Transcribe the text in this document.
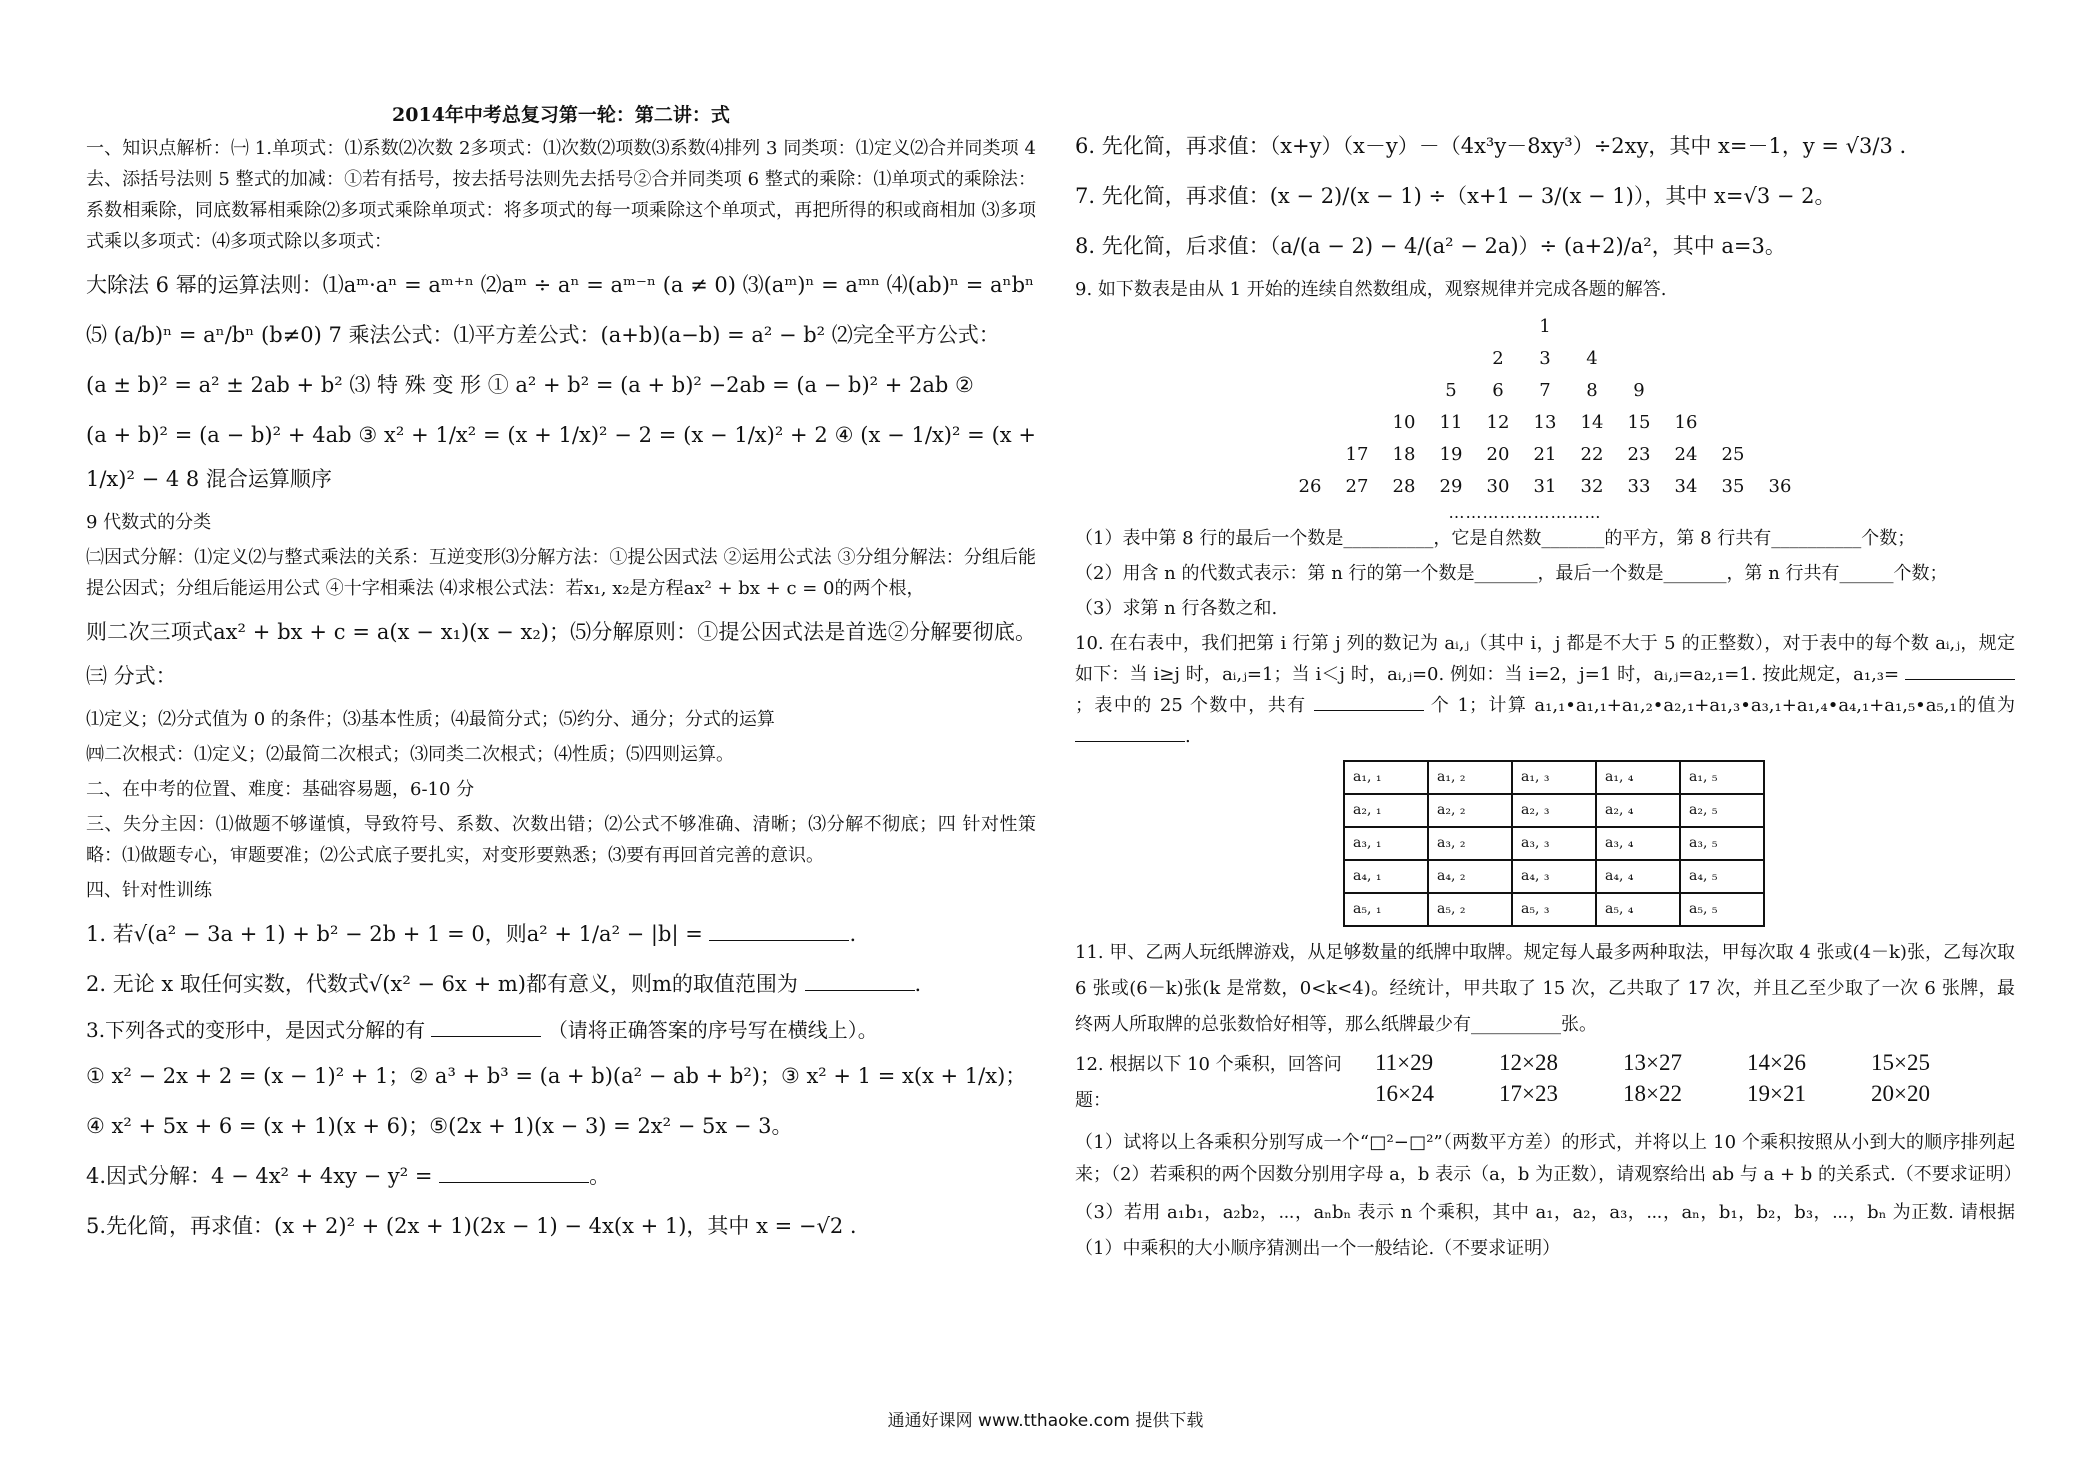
2014年中考总复习第一轮：第二讲：式

一、知识点解析：㈠ 1.单项式：⑴系数⑵次数 2多项式：⑴次数⑵项数⑶系数⑷排列 3 同类项：⑴定义⑵合并同类项 4 去、添括号法则 5 整式的加减：①若有括号，按去括号法则先去括号②合并同类项 6 整式的乘除：⑴单项式的乘除法：系数相乘除，同底数幂相乘除⑵多项式乘除单项式：将多项式的每一项乘除这个单项式，再把所得的积或商相加 ⑶多项式乘以多项式：⑷多项式除以多项式：

大除法 6 幂的运算法则：⑴aᵐ·aⁿ = aᵐ⁺ⁿ ⑵aᵐ ÷ aⁿ = aᵐ⁻ⁿ (a ≠ 0) ⑶(aᵐ)ⁿ = aᵐⁿ ⑷(ab)ⁿ = aⁿbⁿ

⑸ (a/b)ⁿ = aⁿ/bⁿ (b≠0) 7 乘法公式：⑴平方差公式：(a+b)(a−b) = a² − b² ⑵完全平方公式：

(a ± b)² = a² ± 2ab + b² ⑶ 特 殊 变 形 ① a² + b² = (a + b)² −2ab = (a − b)² + 2ab ②

(a + b)² = (a − b)² + 4ab ③ x² + 1/x² = (x + 1/x)² − 2 = (x − 1/x)² + 2 ④ (x − 1/x)² = (x + 1/x)² − 4 8 混合运算顺序

9 代数式的分类

㈡因式分解：⑴定义⑵与整式乘法的关系：互逆变形⑶分解方法：①提公因式法 ②运用公式法 ③分组分解法：分组后能提公因式；分组后能运用公式 ④十字相乘法 ⑷求根公式法：若x₁, x₂是方程ax² + bx + c = 0的两个根，

则二次三项式ax² + bx + c = a(x − x₁)(x − x₂)；⑸分解原则：①提公因式法是首选②分解要彻底。㈢ 分式：

⑴定义；⑵分式值为 0 的条件；⑶基本性质；⑷最简分式；⑸约分、通分；分式的运算

㈣二次根式：⑴定义；⑵最简二次根式；⑶同类二次根式；⑷性质；⑸四则运算。

二、在中考的位置、难度：基础容易题，6-10 分

三、失分主因：⑴做题不够谨慎，导致符号、系数、次数出错；⑵公式不够准确、清晰；⑶分解不彻底；四 针对性策略：⑴做题专心，审题要准；⑵公式底子要扎实，对变形要熟悉；⑶要有再回首完善的意识。

四、针对性训练

1. 若√(a² − 3a + 1) + b² − 2b + 1 = 0，则a² + 1/a² − |b| =	.

2. 无论 x 取任何实数，代数式√(x² − 6x + m)都有意义，则m的取值范围为	.

3.下列各式的变形中，是因式分解的有	（请将正确答案的序号写在横线上）。

① x² − 2x + 2 = (x − 1)² + 1；② a³ + b³ = (a + b)(a² − ab + b²)；③ x² + 1 = x(x + 1/x)；

④ x² + 5x + 6 = (x + 1)(x + 6)；⑤(2x + 1)(x − 3) = 2x² − 5x − 3。

4.因式分解：4 − 4x² + 4xy − y² =	。

5.先化简，再求值：(x + 2)² + (2x + 1)(2x − 1) − 4x(x + 1)，其中 x = −√2 .

6. 先化简，再求值：（x+y）（x－y）－（4x³y－8xy³）÷2xy，其中 x=－1，y = √3/3 .

7. 先化简，再求值：(x − 2)/(x − 1) ÷（x+1 − 3/(x − 1)），其中 x=√3 − 2。

8. 先化简，后求值：（a/(a − 2) − 4/(a² − 2a)）÷ (a+2)/a²，其中 a=3。

9. 如下数表是由从 1 开始的连续自然数组成，观察规律并完成各题的解答.

1
2	3	4
5	6	7	8	9
10	11	12	13	14	15	16
17	18	19	20	21	22	23	24	25
26	27	28	29	30	31	32	33	34	35	36
………………………

（1）表中第 8 行的最后一个数是__________，它是自然数_______的平方，第 8 行共有__________个数；

（2）用含 n 的代数式表示：第 n 行的第一个数是_______，最后一个数是_______，第 n 行共有______个数；

（3）求第 n 行各数之和.

10. 在右表中，我们把第 i 行第 j 列的数记为 aᵢ,ⱼ（其中 i，j 都是不大于 5 的正整数），对于表中的每个数 aᵢ,ⱼ，规定如下：当 i≥j 时，aᵢ,ⱼ=1；当 i＜j 时，aᵢ,ⱼ=0. 例如：当 i=2，j=1 时，aᵢ,ⱼ=a₂,₁=1. 按此规定，a₁,₃=  ；表中的 25 个数中，共有	个 1；计算 a₁,₁•a₁,₁+a₁,₂•a₂,₁+a₁,₃•a₃,₁+a₁,₄•a₄,₁+a₁,₅•a₅,₁的值为 .

a₁, ₁	a₁, ₂	a₁, ₃	a₁, ₄	a₁, ₅
a₂, ₁	a₂, ₂	a₂, ₃	a₂, ₄	a₂, ₅
a₃, ₁	a₃, ₂	a₃, ₃	a₃, ₄	a₃, ₅
a₄, ₁	a₄, ₂	a₄, ₃	a₄, ₄	a₄, ₅
a₅, ₁	a₅, ₂	a₅, ₃	a₅, ₄	a₅, ₅

11. 甲、乙两人玩纸牌游戏，从足够数量的纸牌中取牌。规定每人最多两种取法，甲每次取 4 张或(4－k)张，乙每次取 6 张或(6－k)张(k 是常数，0<k<4)。经统计，甲共取了 15 次，乙共取了 17 次，并且乙至少取了一次 6 张牌，最终两人所取牌的总张数恰好相等，那么纸牌最少有__________张。

12. 根据以下 10 个乘积，回答问题：
11×29	12×28	13×27	14×26	15×25
16×24	17×23	18×22	19×21	20×20

（1）试将以上各乘积分别写成一个“□²−□²”（两数平方差）的形式，并将以上 10 个乘积按照从小到大的顺序排列起来；（2）若乘积的两个因数分别用字母 a，b 表示（a，b 为正数），请观察给出 ab 与 a + b 的关系式.（不要求证明）

（3）若用 a₁b₁，a₂b₂，⋯，aₙbₙ 表示 n 个乘积，其中 a₁，a₂，a₃，⋯，aₙ，b₁，b₂，b₃，⋯，bₙ 为正数. 请根据（1）中乘积的大小顺序猜测出一个一般结论.（不要求证明）

通通好课网 www.tthaoke.com 提供下载
